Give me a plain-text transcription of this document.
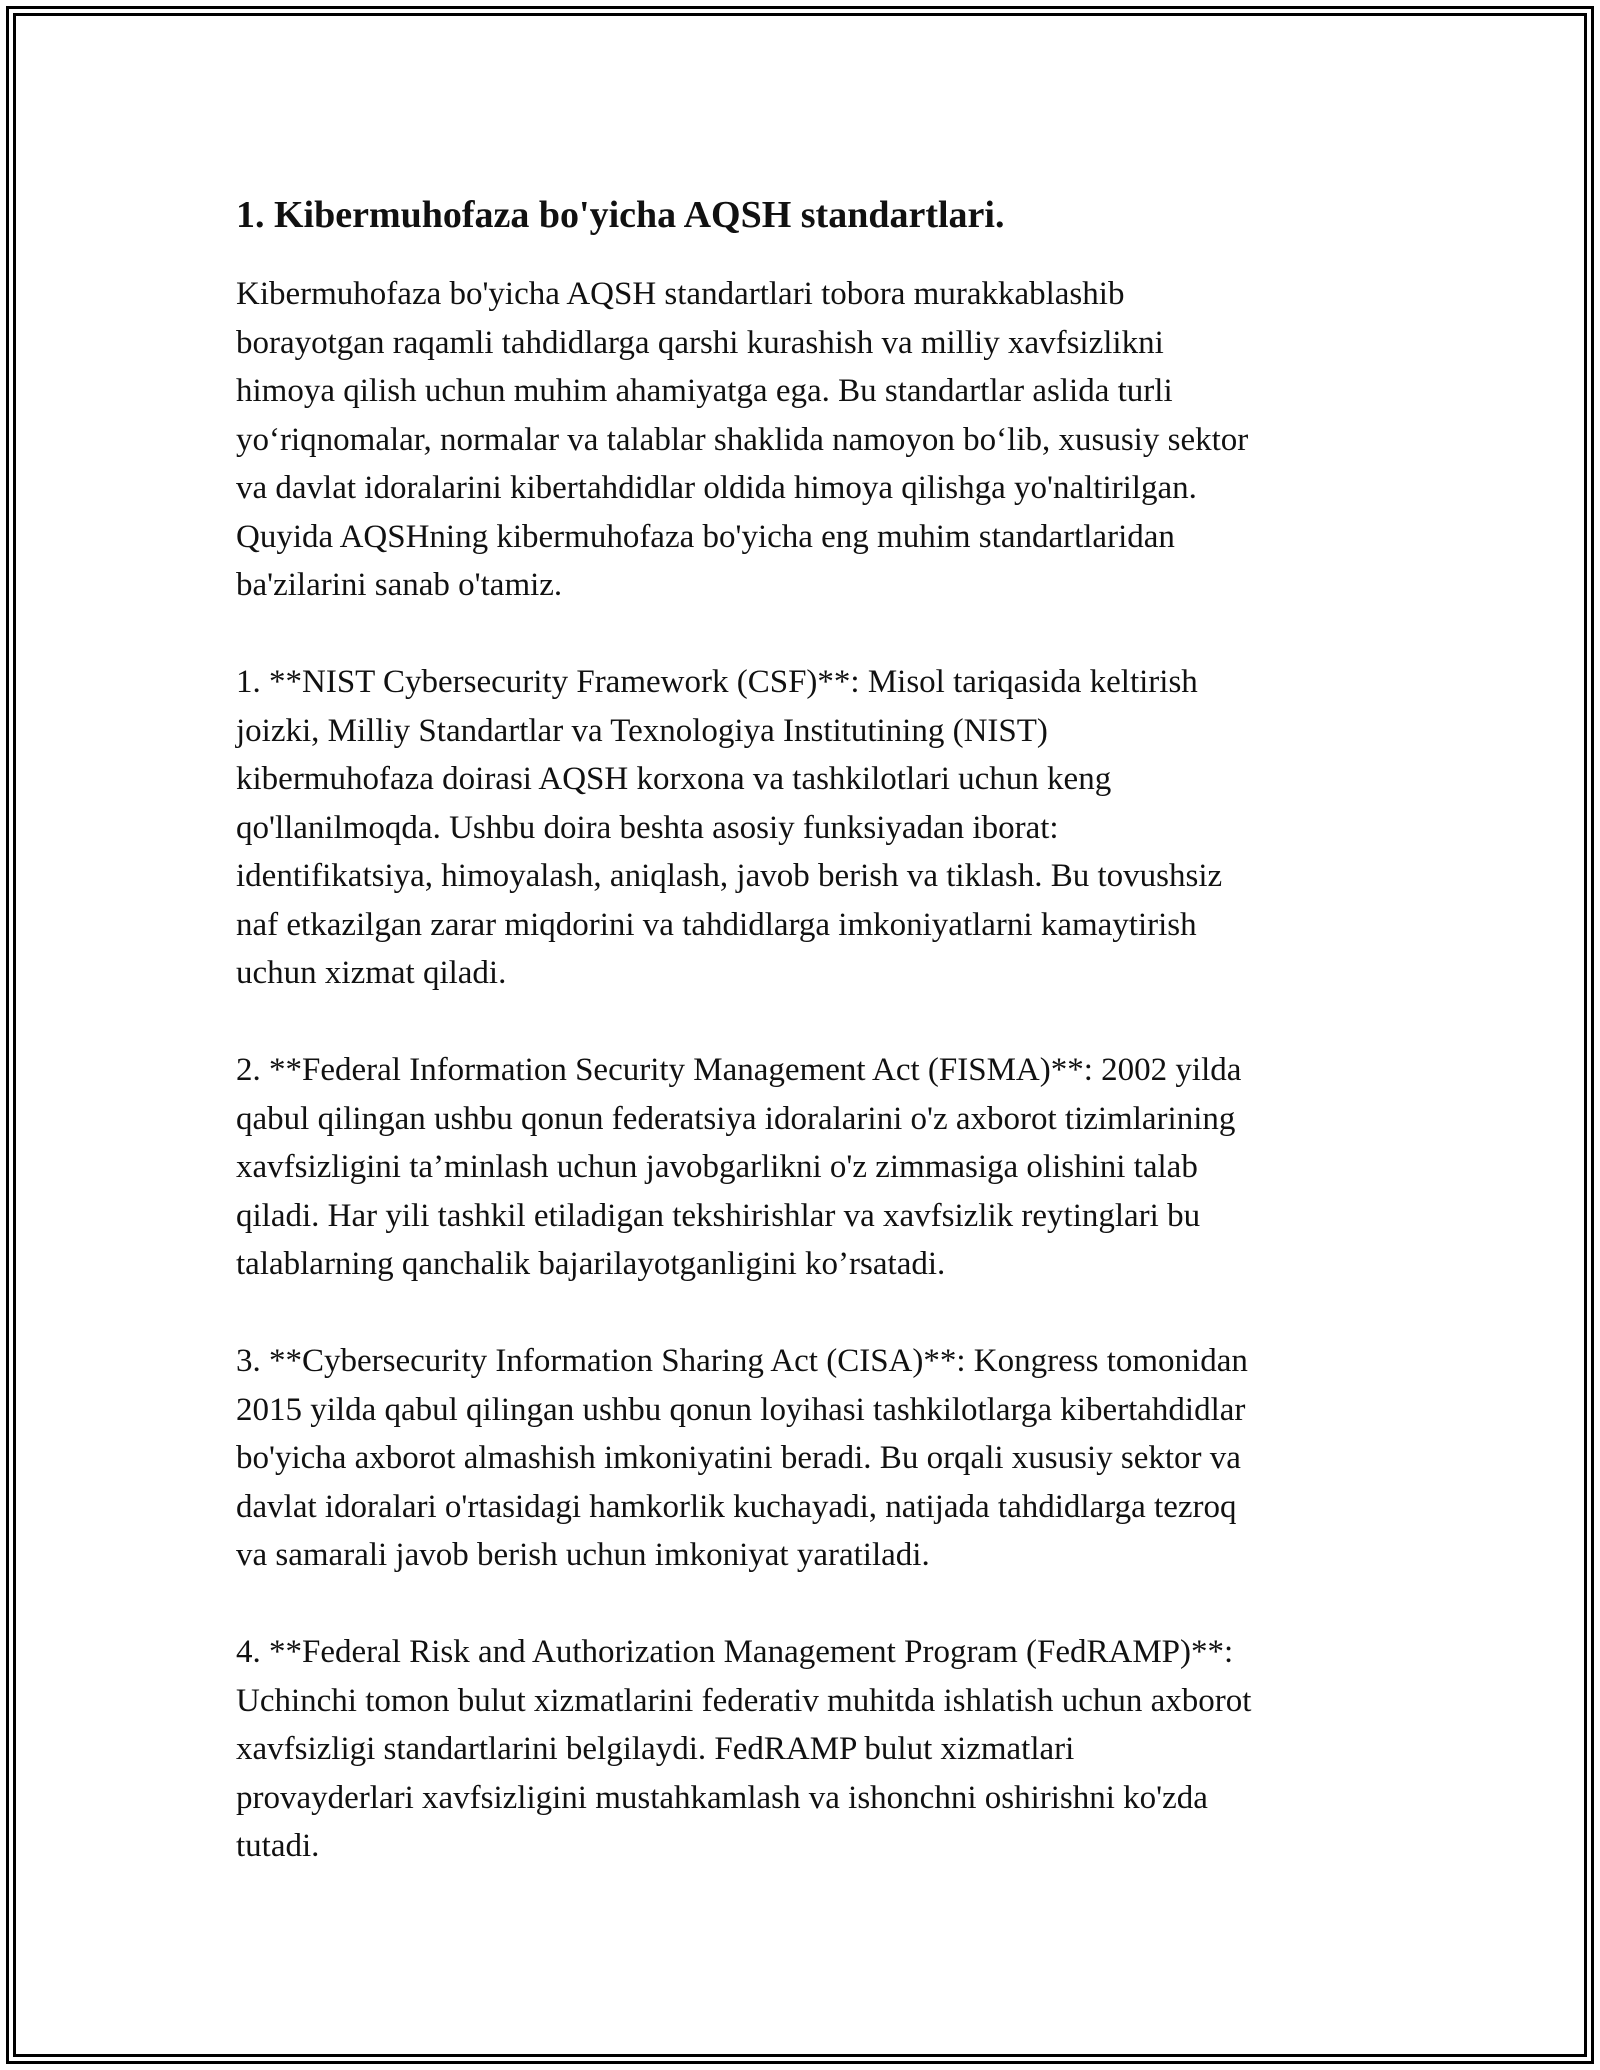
1. Kibermuhofaza bo'yicha AQSH standartlari.

Kibermuhofaza bo'yicha AQSH standartlari tobora murakkablashib
borayotgan raqamli tahdidlarga qarshi kurashish va milliy xavfsizlikni
himoya qilish uchun muhim ahamiyatga ega. Bu standartlar aslida turli
yo‘riqnomalar, normalar va talablar shaklida namoyon bo‘lib, xususiy sektor
va davlat idoralarini kibertahdidlar oldida himoya qilishga yo'naltirilgan.
Quyida AQSHning kibermuhofaza bo'yicha eng muhim standartlaridan
ba'zilarini sanab o'tamiz.

1. **NIST Cybersecurity Framework (CSF)**: Misol tariqasida keltirish
joizki, Milliy Standartlar va Texnologiya Institutining (NIST)
kibermuhofaza doirasi AQSH korxona va tashkilotlari uchun keng
qo'llanilmoqda. Ushbu doira beshta asosiy funksiyadan iborat:
identifikatsiya, himoyalash, aniqlash, javob berish va tiklash. Bu tovushsiz
naf etkazilgan zarar miqdorini va tahdidlarga imkoniyatlarni kamaytirish
uchun xizmat qiladi.

2. **Federal Information Security Management Act (FISMA)**: 2002 yilda
qabul qilingan ushbu qonun federatsiya idoralarini o'z axborot tizimlarining
xavfsizligini ta’minlash uchun javobgarlikni o'z zimmasiga olishini talab
qiladi. Har yili tashkil etiladigan tekshirishlar va xavfsizlik reytinglari bu
talablarning qanchalik bajarilayotganligini ko’rsatadi.

3. **Cybersecurity Information Sharing Act (CISA)**: Kongress tomonidan
2015 yilda qabul qilingan ushbu qonun loyihasi tashkilotlarga kibertahdidlar
bo'yicha axborot almashish imkoniyatini beradi. Bu orqali xususiy sektor va
davlat idoralari o'rtasidagi hamkorlik kuchayadi, natijada tahdidlarga tezroq
va samarali javob berish uchun imkoniyat yaratiladi.

4. **Federal Risk and Authorization Management Program (FedRAMP)**:
Uchinchi tomon bulut xizmatlarini federativ muhitda ishlatish uchun axborot
xavfsizligi standartlarini belgilaydi. FedRAMP bulut xizmatlari
provayderlari xavfsizligini mustahkamlash va ishonchni oshirishni ko'zda
tutadi.
